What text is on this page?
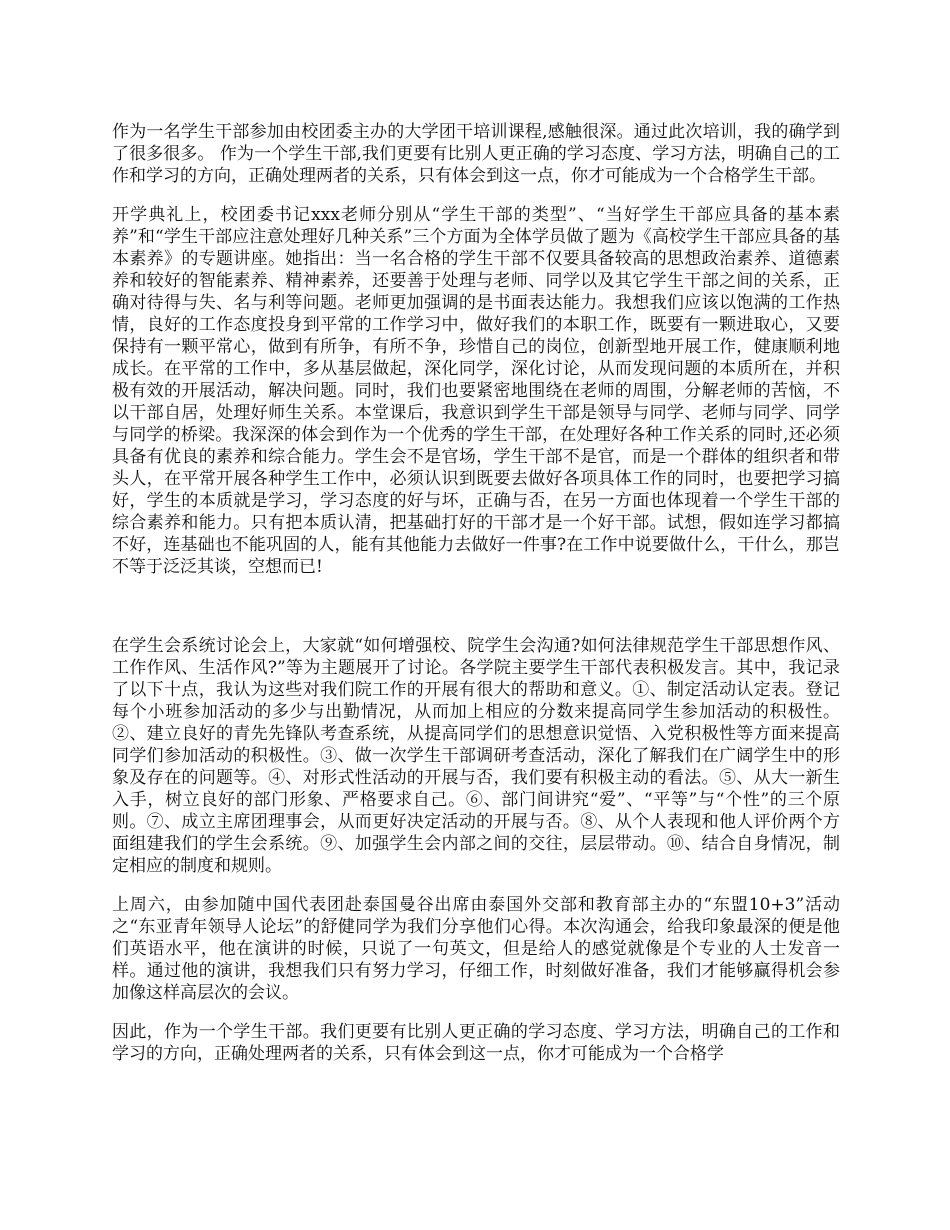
作为一名学生干部参加由校团委主办的大学团干培训课程,感触很深。通过此次培训，我的确学到了很多很多。 作为一个学生干部,我们更要有比别人更正确的学习态度、学习方法，明确自己的工作和学习的方向，正确处理两者的关系，只有体会到这一点，你才可能成为一个合格学生干部。

开学典礼上，校团委书记xxx老师分别从“学生干部的类型”、“当好学生干部应具备的基本素养”和“学生干部应注意处理好几种关系”三个方面为全体学员做了题为《高校学生干部应具备的基本素养》的专题讲座。她指出：当一名合格的学生干部不仅要具备较高的思想政治素养、道德素养和较好的智能素养、精神素养，还要善于处理与老师、同学以及其它学生干部之间的关系，正确对待得与失、名与利等问题。老师更加强调的是书面表达能力。我想我们应该以饱满的工作热情，良好的工作态度投身到平常的工作学习中，做好我们的本职工作，既要有一颗进取心，又要保持有一颗平常心，做到有所争，有所不争，珍惜自己的岗位，创新型地开展工作，健康顺利地成长。在平常的工作中，多从基层做起，深化同学，深化讨论，从而发现问题的本质所在，并积极有效的开展活动，解决问题。同时，我们也要紧密地围绕在老师的周围，分解老师的苦恼，不以干部自居，处理好师生关系。本堂课后，我意识到学生干部是领导与同学、老师与同学、同学与同学的桥梁。我深深的体会到作为一个优秀的学生干部，在处理好各种工作关系的同时,还必须具备有优良的素养和综合能力。学生会不是官场，学生干部不是官，而是一个群体的组织者和带头人，在平常开展各种学生工作中，必须认识到既要去做好各项具体工作的同时，也要把学习搞好，学生的本质就是学习，学习态度的好与坏，正确与否，在另一方面也体现着一个学生干部的综合素养和能力。只有把本质认清，把基础打好的干部才是一个好干部。试想，假如连学习都搞不好，连基础也不能巩固的人，能有其他能力去做好一件事?在工作中说要做什么，干什么，那岂不等于泛泛其谈，空想而已!

在学生会系统讨论会上，大家就“如何增强校、院学生会沟通?如何法律规范学生干部思想作风、工作作风、生活作风?”等为主题展开了讨论。各学院主要学生干部代表积极发言。其中，我记录了以下十点，我认为这些对我们院工作的开展有很大的帮助和意义。①、制定活动认定表。登记每个小班参加活动的多少与出勤情况，从而加上相应的分数来提高同学生参加活动的积极性。②、建立良好的青先先锋队考查系统，从提高同学们的思想意识觉悟、入党积极性等方面来提高同学们参加活动的积极性。③、做一次学生干部调研考查活动，深化了解我们在广阔学生中的形象及存在的问题等。④、对形式性活动的开展与否，我们要有积极主动的看法。⑤、从大一新生入手，树立良好的部门形象、严格要求自己。⑥、部门间讲究“爱”、“平等”与“个性”的三个原则。⑦、成立主席团理事会，从而更好决定活动的开展与否。⑧、从个人表现和他人评价两个方面组建我们的学生会系统。⑨、加强学生会内部之间的交往，层层带动。⑩、结合自身情况，制定相应的制度和规则。

上周六，由参加随中国代表团赴泰国曼谷出席由泰国外交部和教育部主办的“东盟10+3”活动之“东亚青年领导人论坛”的舒健同学为我们分享他们心得。本次沟通会，给我印象最深的便是他们英语水平，他在演讲的时候，只说了一句英文，但是给人的感觉就像是个专业的人士发音一样。通过他的演讲，我想我们只有努力学习，仔细工作，时刻做好准备，我们才能够赢得机会参加像这样高层次的会议。

因此，作为一个学生干部。我们更要有比别人更正确的学习态度、学习方法，明确自己的工作和学习的方向，正确处理两者的关系，只有体会到这一点，你才可能成为一个合格学
